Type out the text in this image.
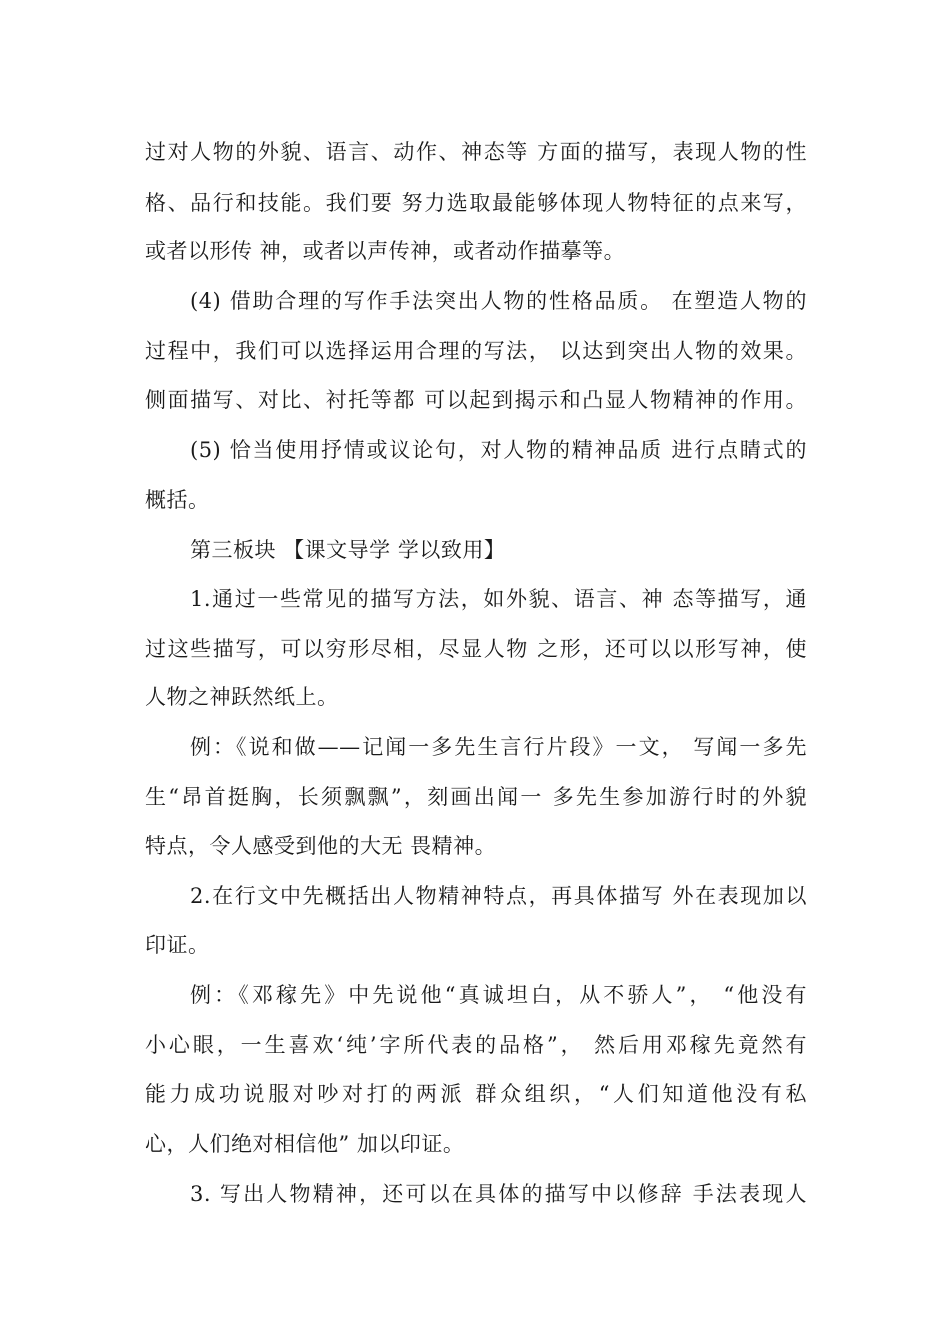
过对人物的外貌、语言、动作、神态等 方面的描写，表现人物的性
格、品行和技能。我们要 努力选取最能够体现人物特征的点来写，
或者以形传 神，或者以声传神，或者动作描摹等。
(4) 借助合理的写作手法突出人物的性格品质。 在塑造人物的
过程中，我们可以选择运用合理的写法， 以达到突出人物的效果。
侧面描写、对比、衬托等都 可以起到揭示和凸显人物精神的作用。
(5) 恰当使用抒情或议论句，对人物的精神品质 进行点睛式的
概括。
第三板块 【课文导学 学以致用】
1.通过一些常见的描写方法，如外貌、语言、神 态等描写，通
过这些描写，可以穷形尽相，尽显人物 之形，还可以以形写神，使
人物之神跃然纸上。
例：《说和做——记闻一多先生言行片段》一文， 写闻一多先
生“昂首挺胸，长须飘飘”，刻画出闻一 多先生参加游行时的外貌
特点，令人感受到他的大无 畏精神。
2.在行文中先概括出人物精神特点，再具体描写 外在表现加以
印证。
例：《邓稼先》中先说他“真诚坦白，从不骄人”， “他没有
小心眼，一生喜欢‘纯’字所代表的品格”， 然后用邓稼先竟然有
能力成功说服对吵对打的两派 群众组织，“人们知道他没有私
心，人们绝对相信他” 加以印证。
3. 写出人物精神，还可以在具体的描写中以修辞 手法表现人
